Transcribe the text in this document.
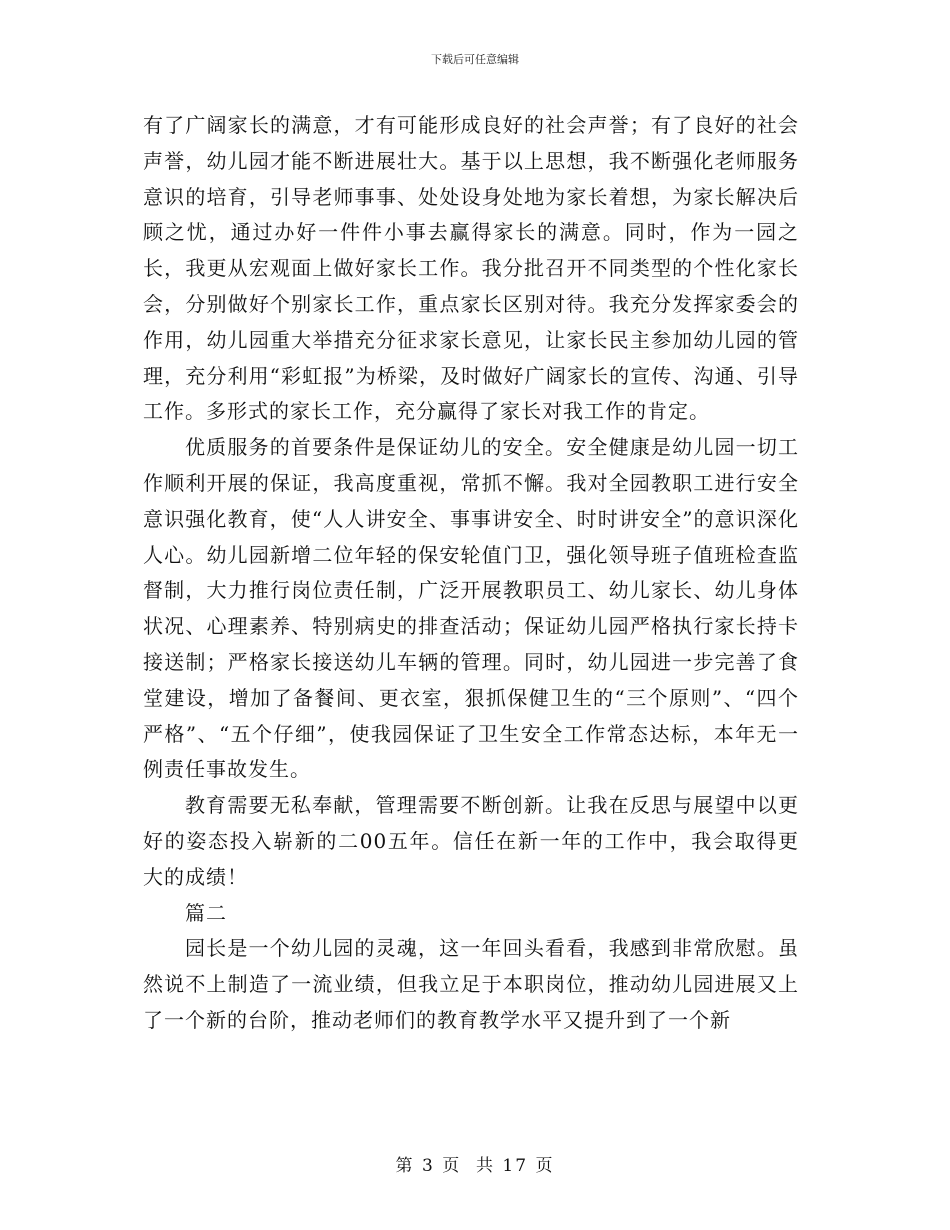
下载后可任意编辑

有了广阔家长的满意，才有可能形成良好的社会声誉；有了良好的社会声誉，幼儿园才能不断进展壮大。基于以上思想，我不断强化老师服务意识的培育，引导老师事事、处处设身处地为家长着想，为家长解决后顾之忧，通过办好一件件小事去赢得家长的满意。同时，作为一园之长，我更从宏观面上做好家长工作。我分批召开不同类型的个性化家长会，分别做好个别家长工作，重点家长区别对待。我充分发挥家委会的作用，幼儿园重大举措充分征求家长意见，让家长民主参加幼儿园的管理，充分利用“彩虹报”为桥梁，及时做好广阔家长的宣传、沟通、引导工作。多形式的家长工作，充分赢得了家长对我工作的肯定。

优质服务的首要条件是保证幼儿的安全。安全健康是幼儿园一切工作顺利开展的保证，我高度重视，常抓不懈。我对全园教职工进行安全意识强化教育，使“人人讲安全、事事讲安全、时时讲安全”的意识深化人心。幼儿园新增二位年轻的保安轮值门卫，强化领导班子值班检查监督制，大力推行岗位责任制，广泛开展教职员工、幼儿家长、幼儿身体状况、心理素养、特别病史的排查活动；保证幼儿园严格执行家长持卡接送制；严格家长接送幼儿车辆的管理。同时，幼儿园进一步完善了食堂建设，增加了备餐间、更衣室，狠抓保健卫生的“三个原则”、“四个严格”、“五个仔细”，使我园保证了卫生安全工作常态达标，本年无一例责任事故发生。

教育需要无私奉献，管理需要不断创新。让我在反思与展望中以更好的姿态投入崭新的二00五年。信任在新一年的工作中，我会取得更大的成绩！

篇二

园长是一个幼儿园的灵魂，这一年回头看看，我感到非常欣慰。虽然说不上制造了一流业绩，但我立足于本职岗位，推动幼儿园进展又上了一个新的台阶，推动老师们的教育教学水平又提升到了一个新

第 3 页  共 17 页
